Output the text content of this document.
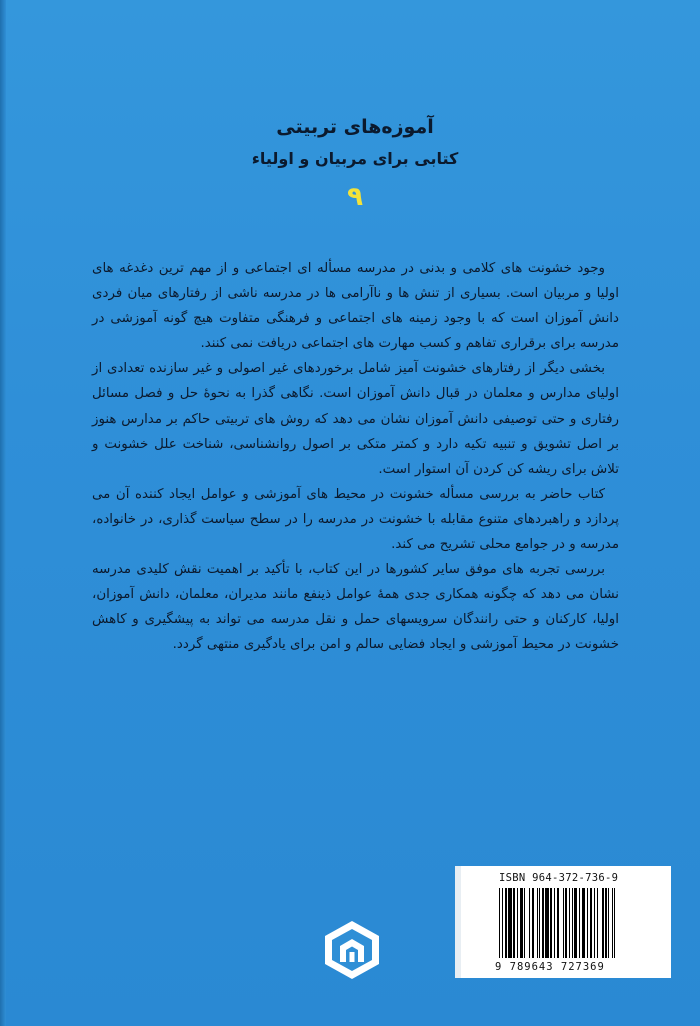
آموزه‌های تربیتی
کتابی برای مربیان و اولیاء
۹

وجود خشونت های کلامی و بدنی در مدرسه مسأله ای اجتماعی و از مهم ترین دغدغه های اولیا و مربیان است. بسیاری از تنش ها و ناآرامی ها در مدرسه ناشی از رفتارهای میان فردی دانش آموزان است که با وجود زمینه های اجتماعی و فرهنگی متفاوت هیچ گونه آموزشی در مدرسه برای برقراری تفاهم و کسب مهارت های اجتماعی دریافت نمی کنند.

بخشی دیگر از رفتارهای خشونت آمیز شامل برخوردهای غیر اصولی و غیر سازنده تعدادی از اولیای مدارس و معلمان در قبال دانش آموزان است. نگاهی گذرا به نحوهٔ حل و فصل مسائل رفتاری و حتی توصیفی دانش آموزان نشان می دهد که روش های تربیتی حاکم بر مدارس هنوز بر اصل تشویق و تنبیه تکیه دارد و کمتر متکی بر اصول روانشناسی، شناخت علل خشونت و تلاش برای ریشه کن کردن آن استوار است.

کتاب حاضر به بررسی مسأله خشونت در محیط های آموزشی و عوامل ایجاد کننده آن می پردازد و راهبردهای متنوع مقابله با خشونت در مدرسه را در سطح سیاست گذاری، در خانواده، مدرسه و در جوامع محلی تشریح می کند.

بررسی تجربه های موفق سایر کشورها در این کتاب، با تأکید بر اهمیت نقش کلیدی مدرسه نشان می دهد که چگونه همکاری جدی همهٔ عوامل ذینفع مانند مدیران، معلمان، دانش آموزان، اولیا، کارکنان و حتی رانندگان سرویسهای حمل و نقل مدرسه می تواند به پیشگیری و کاهش خشونت در محیط آموزشی و ایجاد فضایی سالم و امن برای یادگیری منتهی گردد.

ISBN 964-372-736-9
9 789643 727369
